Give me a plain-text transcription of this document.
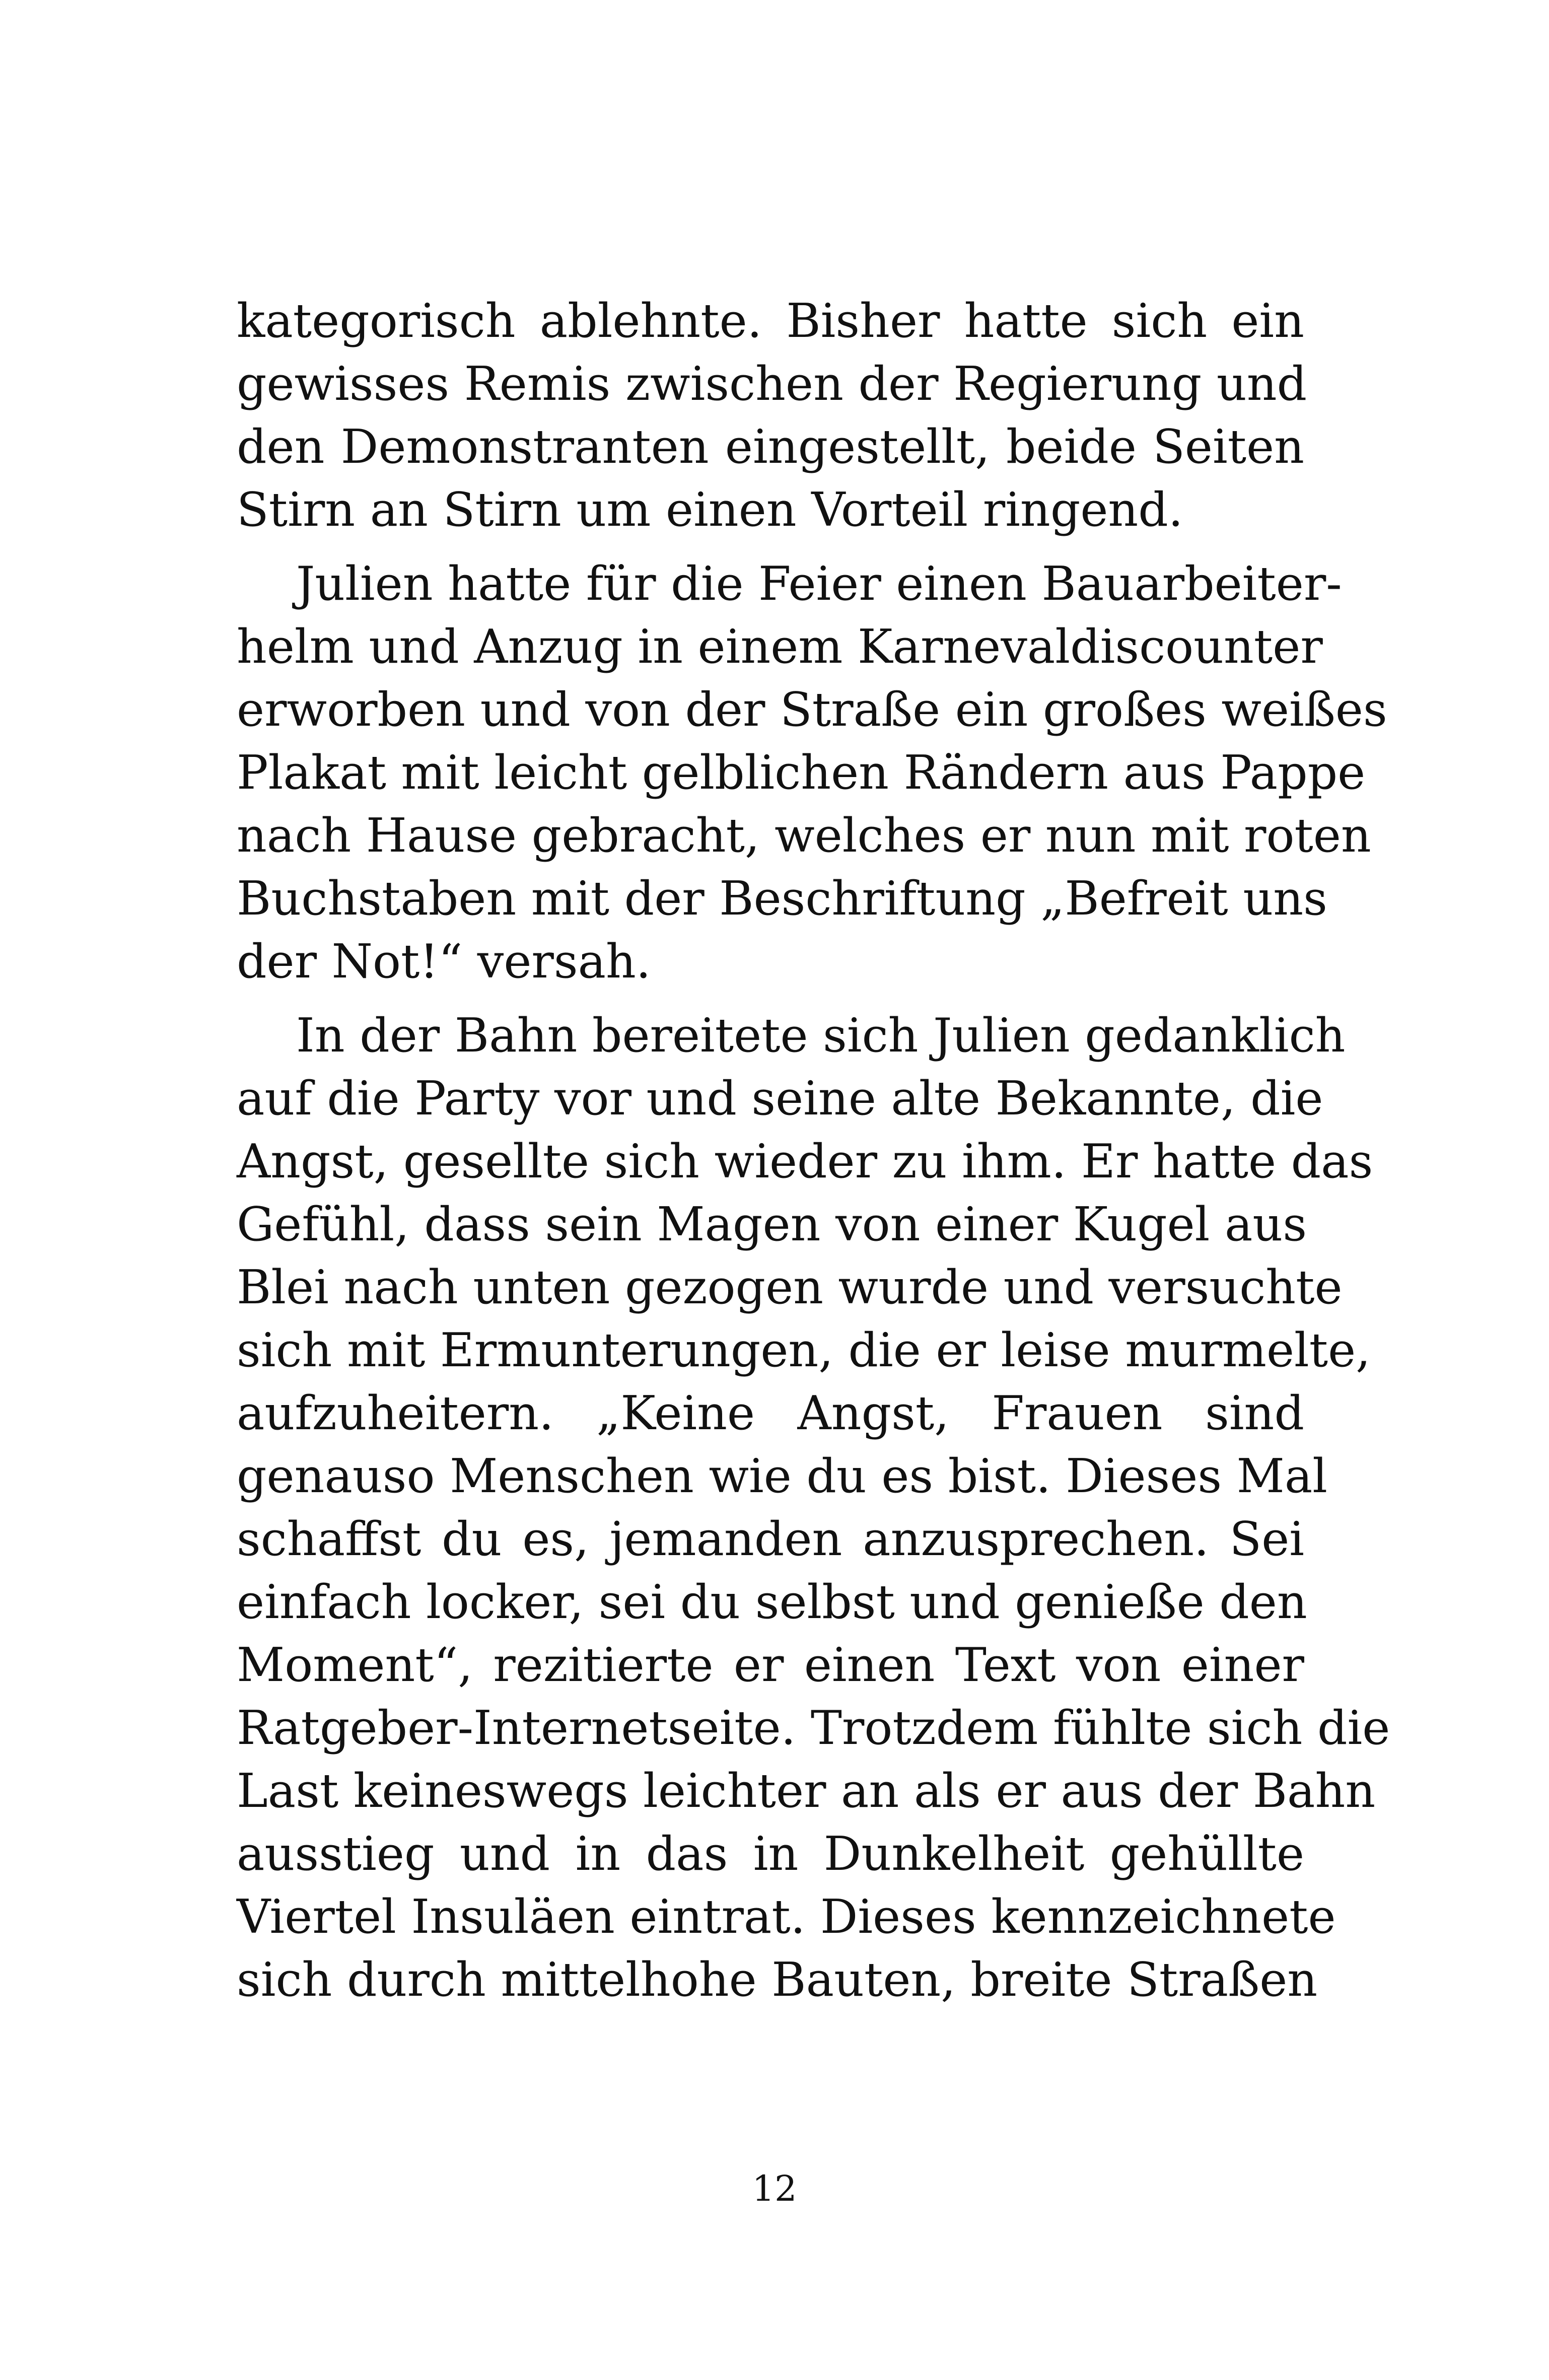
kategorisch ablehnte. Bisher hatte sich ein
gewisses Remis zwischen der Regierung und
den Demonstranten eingestellt, beide Seiten
Stirn an Stirn um einen Vorteil ringend.
Julien hatte für die Feier einen Bauarbeiter-
helm und Anzug in einem Karnevaldiscounter
erworben und von der Straße ein großes weißes
Plakat mit leicht gelblichen Rändern aus Pappe
nach Hause gebracht, welches er nun mit roten
Buchstaben mit der Beschriftung „Befreit uns
der Not!“ versah.
In der Bahn bereitete sich Julien gedanklich
auf die Party vor und seine alte Bekannte, die
Angst, gesellte sich wieder zu ihm. Er hatte das
Gefühl, dass sein Magen von einer Kugel aus
Blei nach unten gezogen wurde und versuchte
sich mit Ermunterungen, die er leise murmelte,
aufzuheitern. „Keine Angst, Frauen sind
genauso Menschen wie du es bist. Dieses Mal
schaffst du es, jemanden anzusprechen. Sei
einfach locker, sei du selbst und genieße den
Moment“, rezitierte er einen Text von einer
Ratgeber-Internetseite. Trotzdem fühlte sich die
Last keineswegs leichter an als er aus der Bahn
ausstieg und in das in Dunkelheit gehüllte
Viertel Insuläen eintrat. Dieses kennzeichnete
sich durch mittelhohe Bauten, breite Straßen
12
